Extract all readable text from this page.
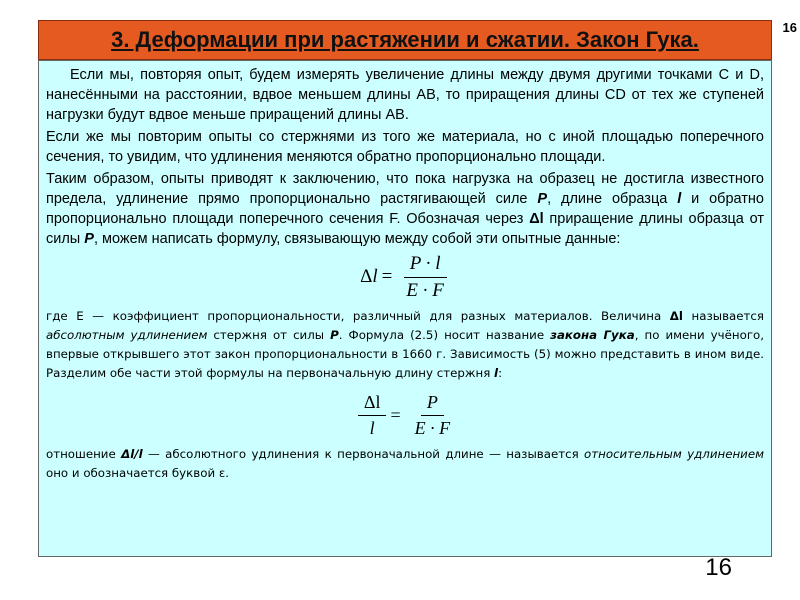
16
3. Деформации при растяжении и сжатии. Закон Гука.

Если мы, повторяя опыт, будем измерять увеличение длины между двумя другими точками C и D, нанесёнными на расстоянии, вдвое меньшем длины AB, то приращения длины CD от тех же ступеней нагрузки будут вдвое меньше приращений длины AB.

Если же мы повторим опыты со стержнями из того же материала, но с иной площадью поперечного сечения, то увидим, что удлинения меняются обратно пропорционально площади.

Таким образом, опыты приводят к заключению, что пока нагрузка на образец не достигла известного предела, удлинение прямо пропорционально растягивающей силе P, длине образца l и обратно пропорционально площади поперечного сечения F. Обозначая через Δl приращение длины образца от силы P, можем написать формулу, связывающую между собой эти опытные данные:

$\Delta l = \frac{P \cdot l}{E \cdot F}$

где Е — коэффициент пропорциональности, различный для разных материалов. Величина Δl называется абсолютным удлинением стержня от силы P. Формула (2.5) носит название закона Гука, по имени учёного, впервые открывшего этот закон пропорциональности в 1660 г. Зависимость (5) можно представить в ином виде. Разделим обе части этой формулы на первоначальную длину стержня l:

$\frac{\Delta l}{l} = \frac{P}{E \cdot F}$

отношение Δl/l — абсолютного удлинения к первоначальной длине — называется относительным удлинением оно и обозначается буквой ε.

16
